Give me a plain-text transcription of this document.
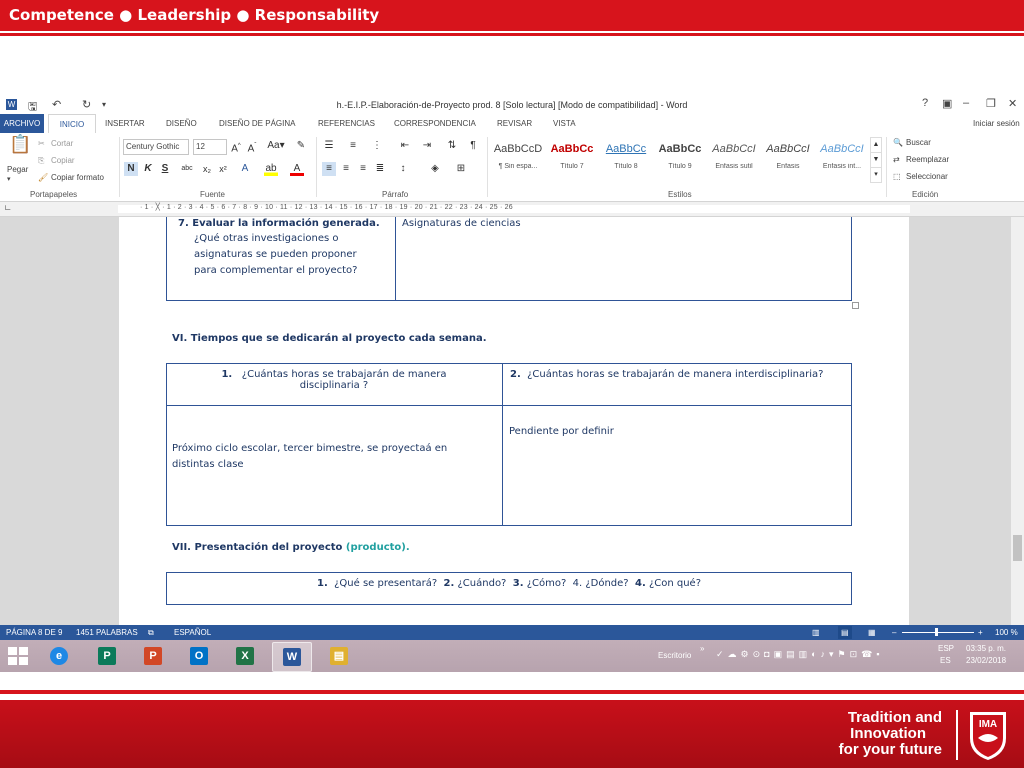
Competence ● Leadership ● Responsability
W 🖫 ↶ ↻ ▾	h.-E.I.P.-Elaboración-de-Proyecto prod. 8 [Solo lectura] [Modo de compatibilidad] - Word	? ▣ – ❐ ✕
ARCHIVO	INICIO	INSERTAR	DISEÑO	DISEÑO DE PÁGINA	REFERENCIAS CORRESPONDENCIA	REVISAR	VISTA	Iniciar sesión
📋
Pegar
▾
✂ Cortar
⎘ Copiar
🖌 Copiar formato
Portapapeles
Century Gothic	12	A^ $A^ˇ$ Aa▾ ✎
N K	S	abc	x₂ x²	A	ab	A
Fuente
☰	≡	⋮ ⇤ ⇥ ⇅	¶
≡	≡	≡ ≣	↕	◈	⊞
Párrafo
AaBbCcD
¶ Sin espa...
AaBbCc
Título 7
AaBbCc
Título 8
AaBbCc
Título 9
AaBbCcI
Énfasis sutil
AaBbCcI
Énfasis
AaBbCcI
Énfasis int...
▲
▼
▾
Estilos
🔍 Buscar
⇄ Reemplazar
⬚ Seleccionar
Edición
∟	· 1 · ╳ · 1 · 2 · 3 · 4 · 5 · 6 · 7 · 8 · 9 · 10 · 11 · 12 · 13 · 14 · 15 · 16 · 17 · 18 · 19 · 20 · 21 · 22 · 23 · 24 · 25 · 26
7. Evaluar la información generada.
¿Qué otras investigaciones o
asignaturas se pueden proponer
para complementar el proyecto?
Asignaturas de ciencias
VI. Tiempos que se dedicarán al proyecto cada semana.
1. ¿Cuántas horas se trabajarán de manera
disciplinaria ?
2. ¿Cuántas horas se trabajarán de manera interdisciplinaria?
Próximo ciclo escolar, tercer bimestre, se proyectaá en
distintas clase
Pendiente por definir
VII. Presentación del proyecto (producto).
1. ¿Qué se presentará? 2. ¿Cuándo? 3. ¿Cómo? 4. ¿Dónde? 4. ¿Con qué?
PÁGINA 8 DE 9 1451 PALABRAS ⧉	ESPAÑOL	▥	▤	▦ –	+ 100 %
e	P	P	O	X	W	▤	Escritorio
»
✓☁⚙⊙◘▣▤▥◐♪▾⚑⊡☎▪
ESP
ES
03:35 p. m.
23/02/2018
Tradition and
Innovation
for your future
IMA
